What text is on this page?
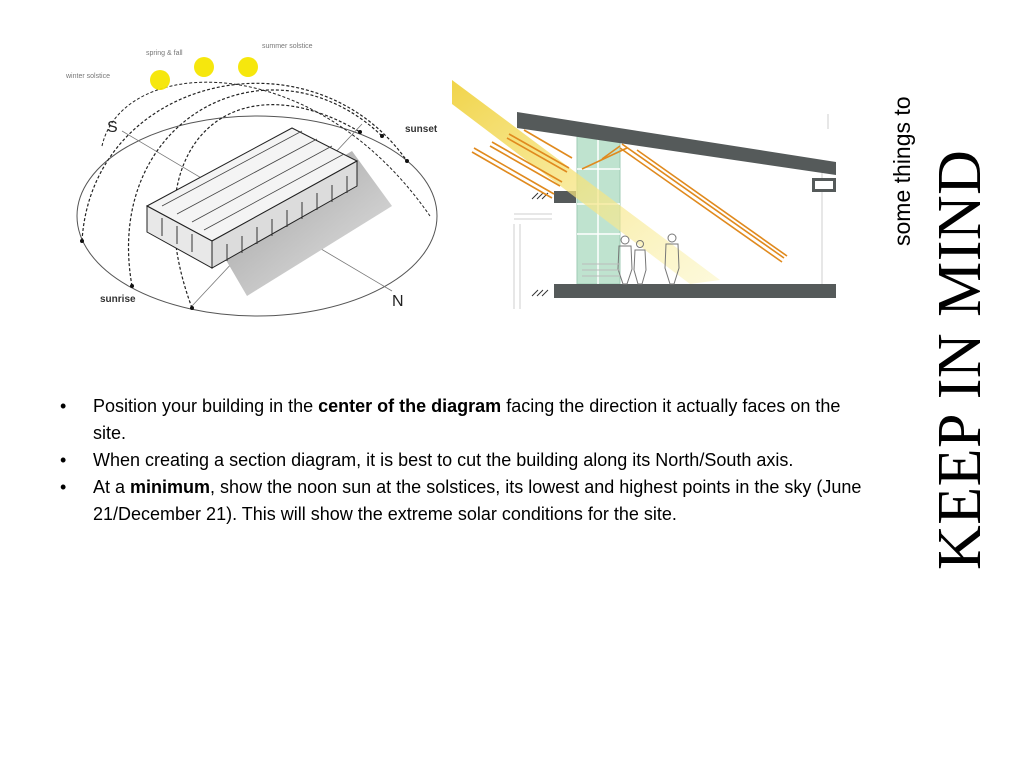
spring & fall
summer solstice
winter solstice
sunset
sunrise
S
N
some things to KEEP IN MIND
• Position your building in the center of the diagram facing the direction it actually faces on the site.
• When creating a section diagram, it is best to cut the building along its North/South axis.
• At a minimum, show the noon sun at the solstices, its lowest and highest points in the sky (June 21/December 21). This will show the extreme solar conditions for the site.
